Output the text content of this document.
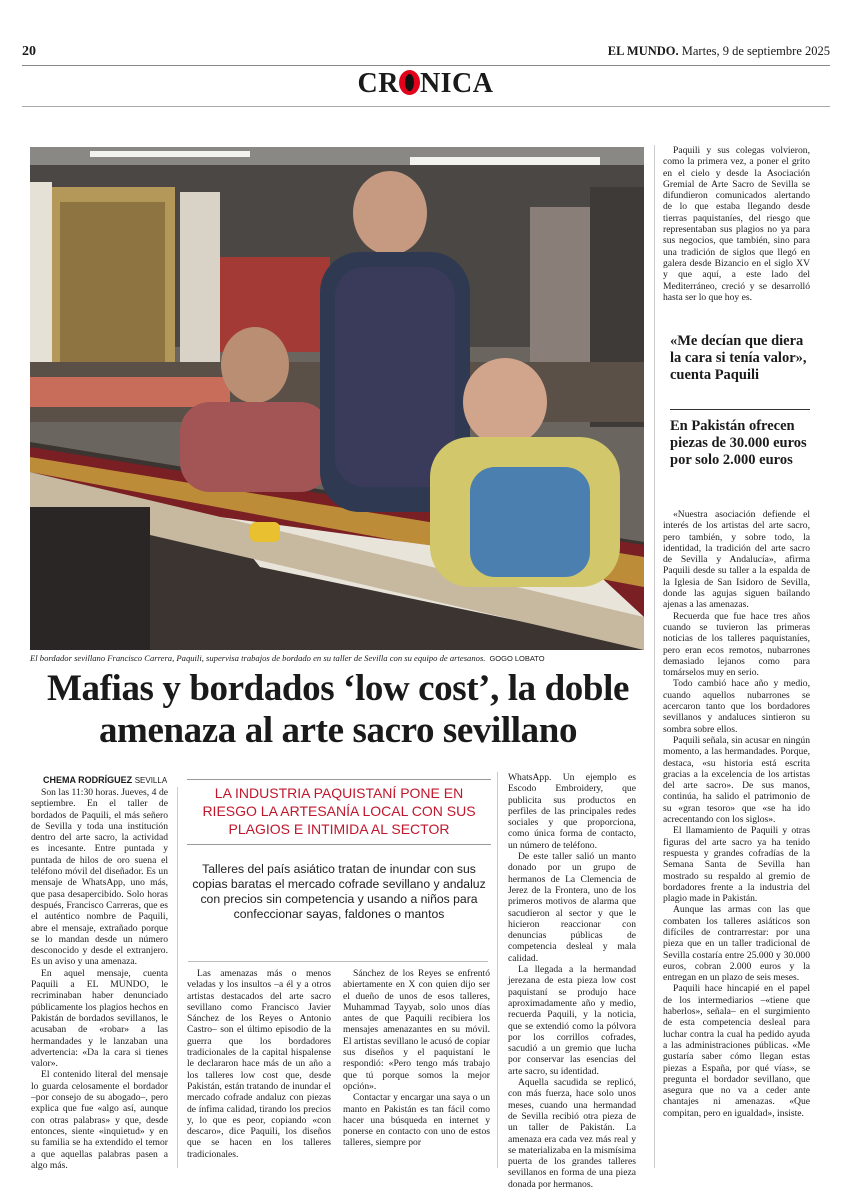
20	EL MUNDO. Martes, 9 de septiembre 2025
CR NICA
El bordador sevillano Francisco Carrera, Paquili, supervisa trabajos de bordado en su taller de Sevilla con su equipo de artesanos. GOGO LOBATO
Mafias y bordados ‘low cost’, la doble
amenaza al arte sacro sevillano
CHEMA RODRÍGUEZ SEVILLA
LA INDUSTRIA PAQUISTANÍ PONE EN RIESGO LA ARTESANÍA LOCAL CON SUS PLAGIOS E INTIMIDA AL SECTOR
Talleres del país asiático tratan de inundar con sus copias baratas el mercado cofrade sevillano y andaluz con precios sin competencia y usando a niños para confeccionar sayas, faldones o mantos

Son las 11:30 horas. Jueves, 4 de septiembre. En el taller de bordados de Paquili, el más señero de Sevilla y toda una institución dentro del arte sacro, la actividad es incesante. Entre puntada y puntada de hilos de oro suena el teléfono móvil del diseñador. Es un mensaje de WhatsApp, uno más, que pasa desapercibido. Solo horas después, Francisco Carreras, que es el auténtico nombre de Paquili, abre el mensaje, extrañado porque se lo mandan desde un número desconocido y desde el extranjero. Es un aviso y una amenaza.

En aquel mensaje, cuenta Paquili a EL MUNDO, le recriminaban haber denunciado públicamente los plagios hechos en Pakistán de bordados sevillanos, le acusaban de «robar» a las hermandades y le lanzaban una advertencia: «Da la cara si tienes valor».

El contenido literal del mensaje lo guarda celosamente el bordador –por consejo de su abogado–, pero explica que fue «algo así, aunque con otras palabras» y que, desde entonces, siente «inquietud» y en su familia se ha extendido el temor a que aquellas palabras pasen a algo más.

Las amenazas más o menos veladas y los insultos –a él y a otros artistas destacados del arte sacro sevillano como Francisco Javier Sánchez de los Reyes o Antonio Castro– son el último episodio de la guerra que los bordadores tradicionales de la capital hispalense le declararon hace más de un año a los talleres low cost que, desde Pakistán, están tratando de inundar el mercado cofrade andaluz con piezas de ínfima calidad, tirando los precios y, lo que es peor, copiando «con descaro», dice Paquili, los diseños que se hacen en los talleres tradicionales.

Sánchez de los Reyes se enfrentó abiertamente en X con quien dijo ser el dueño de unos de esos talleres, Muhammad Tayyab, solo unos días antes de que Paquili recibiera los mensajes amenazantes en su móvil. El artistas sevillano le acusó de copiar sus diseños y el paquistaní le respondió: «Pero tengo más trabajo que tú porque somos la mejor opción».

Contactar y encargar una saya o un manto en Pakistán es tan fácil como hacer una búsqueda en internet y ponerse en contacto con uno de estos talleres, siempre por

WhatsApp. Un ejemplo es Escodo Embroidery, que publicita sus productos en perfiles de las principales redes sociales y que proporciona, como única forma de contacto, un número de teléfono.

De este taller salió un manto donado por un grupo de hermanos de La Clemencia de Jerez de la Frontera, uno de los primeros motivos de alarma que sacudieron al sector y que le hicieron reaccionar con denuncias públicas de competencia desleal y mala calidad.

La llegada a la hermandad jerezana de esta pieza low cost paquistaní se produjo hace aproximadamente año y medio, recuerda Paquili, y la noticia, que se extendió como la pólvora por los corrillos cofrades, sacudió a un gremio que lucha por conservar las esencias del arte sacro, su identidad.

Aquella sacudida se replicó, con más fuerza, hace solo unos meses, cuando una hermandad de Sevilla recibió otra pieza de un taller de Pakistán. La amenaza era cada vez más real y se materializaba en la mismísima puerta de los grandes talleres sevillanos en forma de una pieza donada por hermanos.

Paquili y sus colegas volvieron, como la primera vez, a poner el grito en el cielo y desde la Asociación Gremial de Arte Sacro de Sevilla se difundieron comunicados alertando de lo que estaba llegando desde tierras paquistaníes, del riesgo que representaban sus plagios no ya para sus negocios, que también, sino para una tradición de siglos que llegó en galera desde Bizancio en el siglo XV y que aquí, a este lado del Mediterráneo, creció y se desarrolló hasta ser lo que hoy es.

«Me decían que diera la cara si tenía valor», cuenta Paquili
En Pakistán ofrecen piezas de 30.000 euros por solo 2.000 euros

«Nuestra asociación defiende el interés de los artistas del arte sacro, pero también, y sobre todo, la identidad, la tradición del arte sacro de Sevilla y Andalucía», afirma Paquili desde su taller a la espalda de la Iglesia de San Isidoro de Sevilla, donde las agujas siguen bailando ajenas a las amenazas.

Recuerda que fue hace tres años cuando se tuvieron las primeras noticias de los talleres paquistaníes, pero eran ecos remotos, nubarrones demasiado lejanos como para tomárselos muy en serio.

Todo cambió hace año y medio, cuando aquellos nubarrones se acercaron tanto que los bordadores sevillanos y andaluces sintieron su sombra sobre ellos.

Paquili señala, sin acusar en ningún momento, a las hermandades. Porque, destaca, «su historia está escrita gracias a la excelencia de los artistas del arte sacro». De sus manos, continúa, ha salido el patrimonio de su «gran tesoro» que «se ha ido acrecentando con los siglos».

El llamamiento de Paquili y otras figuras del arte sacro ya ha tenido respuesta y grandes cofradías de la Semana Santa de Sevilla han mostrado su respaldo al gremio de bordadores frente a la industria del plagio made in Pakistán.

Aunque las armas con las que combaten los talleres asiáticos son difíciles de contrarrestar: por una pieza que en un taller tradicional de Sevilla costaría entre 25.000 y 30.000 euros, cobran 2.000 euros y la entregan en un plazo de seis meses.

Paquili hace hincapié en el papel de los intermediarios –«tiene que haberlos», señala– en el surgimiento de esta competencia desleal para luchar contra la cual ha pedido ayuda a las administraciones públicas. «Me gustaría saber cómo llegan estas piezas a España, por qué vías», se pregunta el bordador sevillano, que asegura que no va a ceder ante chantajes ni amenazas. «Que compitan, pero en igualdad», insiste.
